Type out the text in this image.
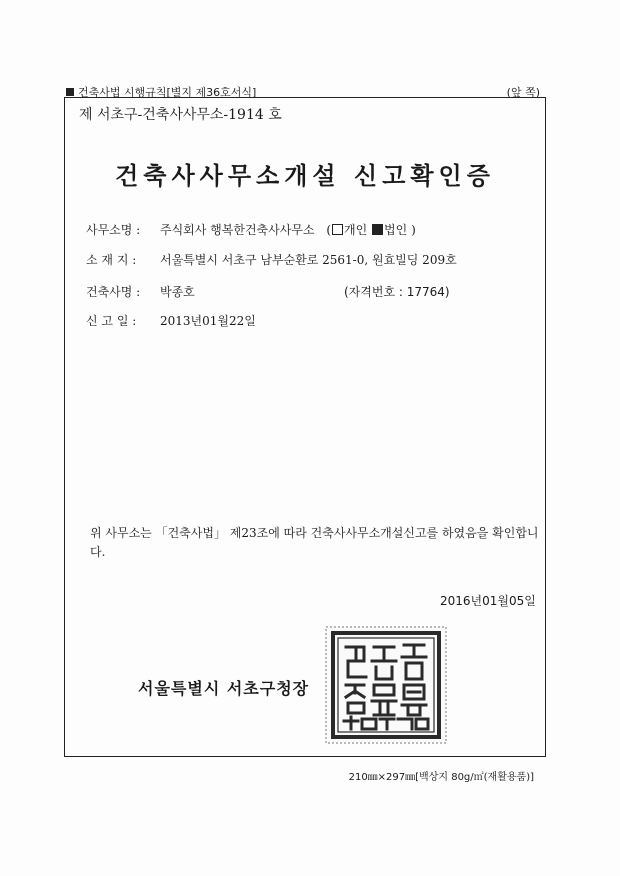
건축사법 시행규칙[별지 제36호서식]	(앞 쪽)
제 서초구-건축사사무소-1914 호
건축사사무소개설 신고확인증
사무소명 : 주식회사 행복한건축사사무소 ( 개인 법인 )
소 재 지 : 서울특별시 서초구 남부순환로 2561-0, 원효빌딩 209호
건축사명 : 박종호	(자격번호 : 17764)
신 고 일 : 2013년01월22일
위 사무소는 「건축사법」 제23조에 따라 건축사사무소개설신고를 하였음을 확인합니다.
2016년01월05일
서울특별시 서초구청장
210㎜×297㎜[백상지 80g/㎡(재활용품)]
